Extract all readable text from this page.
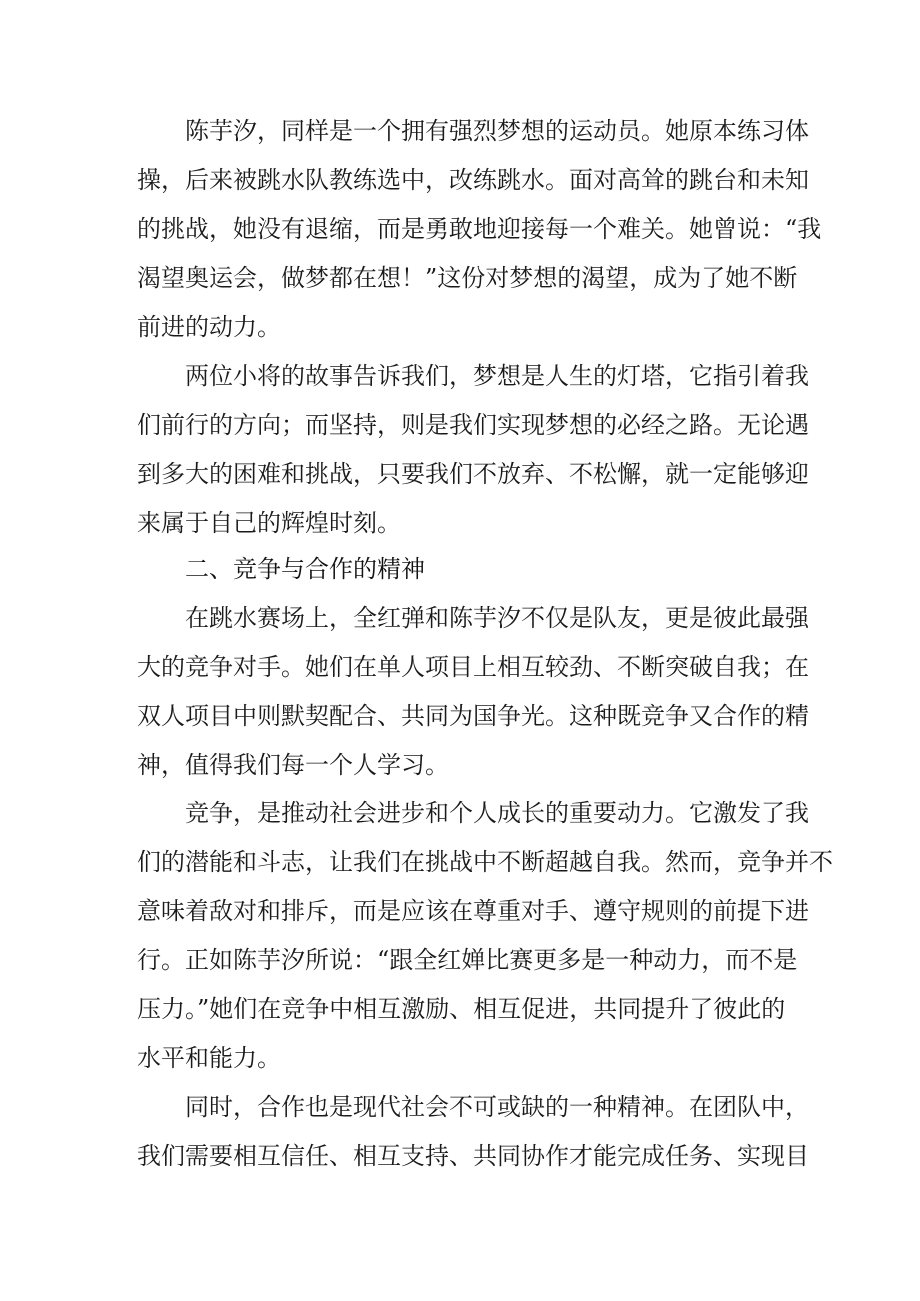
陈芋汐，同样是一个拥有强烈梦想的运动员。她原本练习体
操，后来被跳水队教练选中，改练跳水。面对高耸的跳台和未知
的挑战，她没有退缩，而是勇敢地迎接每一个难关。她曾说：“我
渴望奥运会，做梦都在想！”这份对梦想的渴望，成为了她不断
前进的动力。
两位小将的故事告诉我们，梦想是人生的灯塔，它指引着我
们前行的方向；而坚持，则是我们实现梦想的必经之路。无论遇
到多大的困难和挑战，只要我们不放弃、不松懈，就一定能够迎
来属于自己的辉煌时刻。
二、竞争与合作的精神
在跳水赛场上，全红弹和陈芋汐不仅是队友，更是彼此最强
大的竞争对手。她们在单人项目上相互较劲、不断突破自我；在
双人项目中则默契配合、共同为国争光。这种既竞争又合作的精
神，值得我们每一个人学习。
竞争，是推动社会进步和个人成长的重要动力。它激发了我
们的潜能和斗志，让我们在挑战中不断超越自我。然而，竞争并不
意味着敌对和排斥，而是应该在尊重对手、遵守规则的前提下进
行。正如陈芋汐所说：“跟全红婵比赛更多是一种动力，而不是
压力。”她们在竞争中相互激励、相互促进，共同提升了彼此的
水平和能力。
同时，合作也是现代社会不可或缺的一种精神。在团队中，
我们需要相互信任、相互支持、共同协作才能完成任务、实现目
